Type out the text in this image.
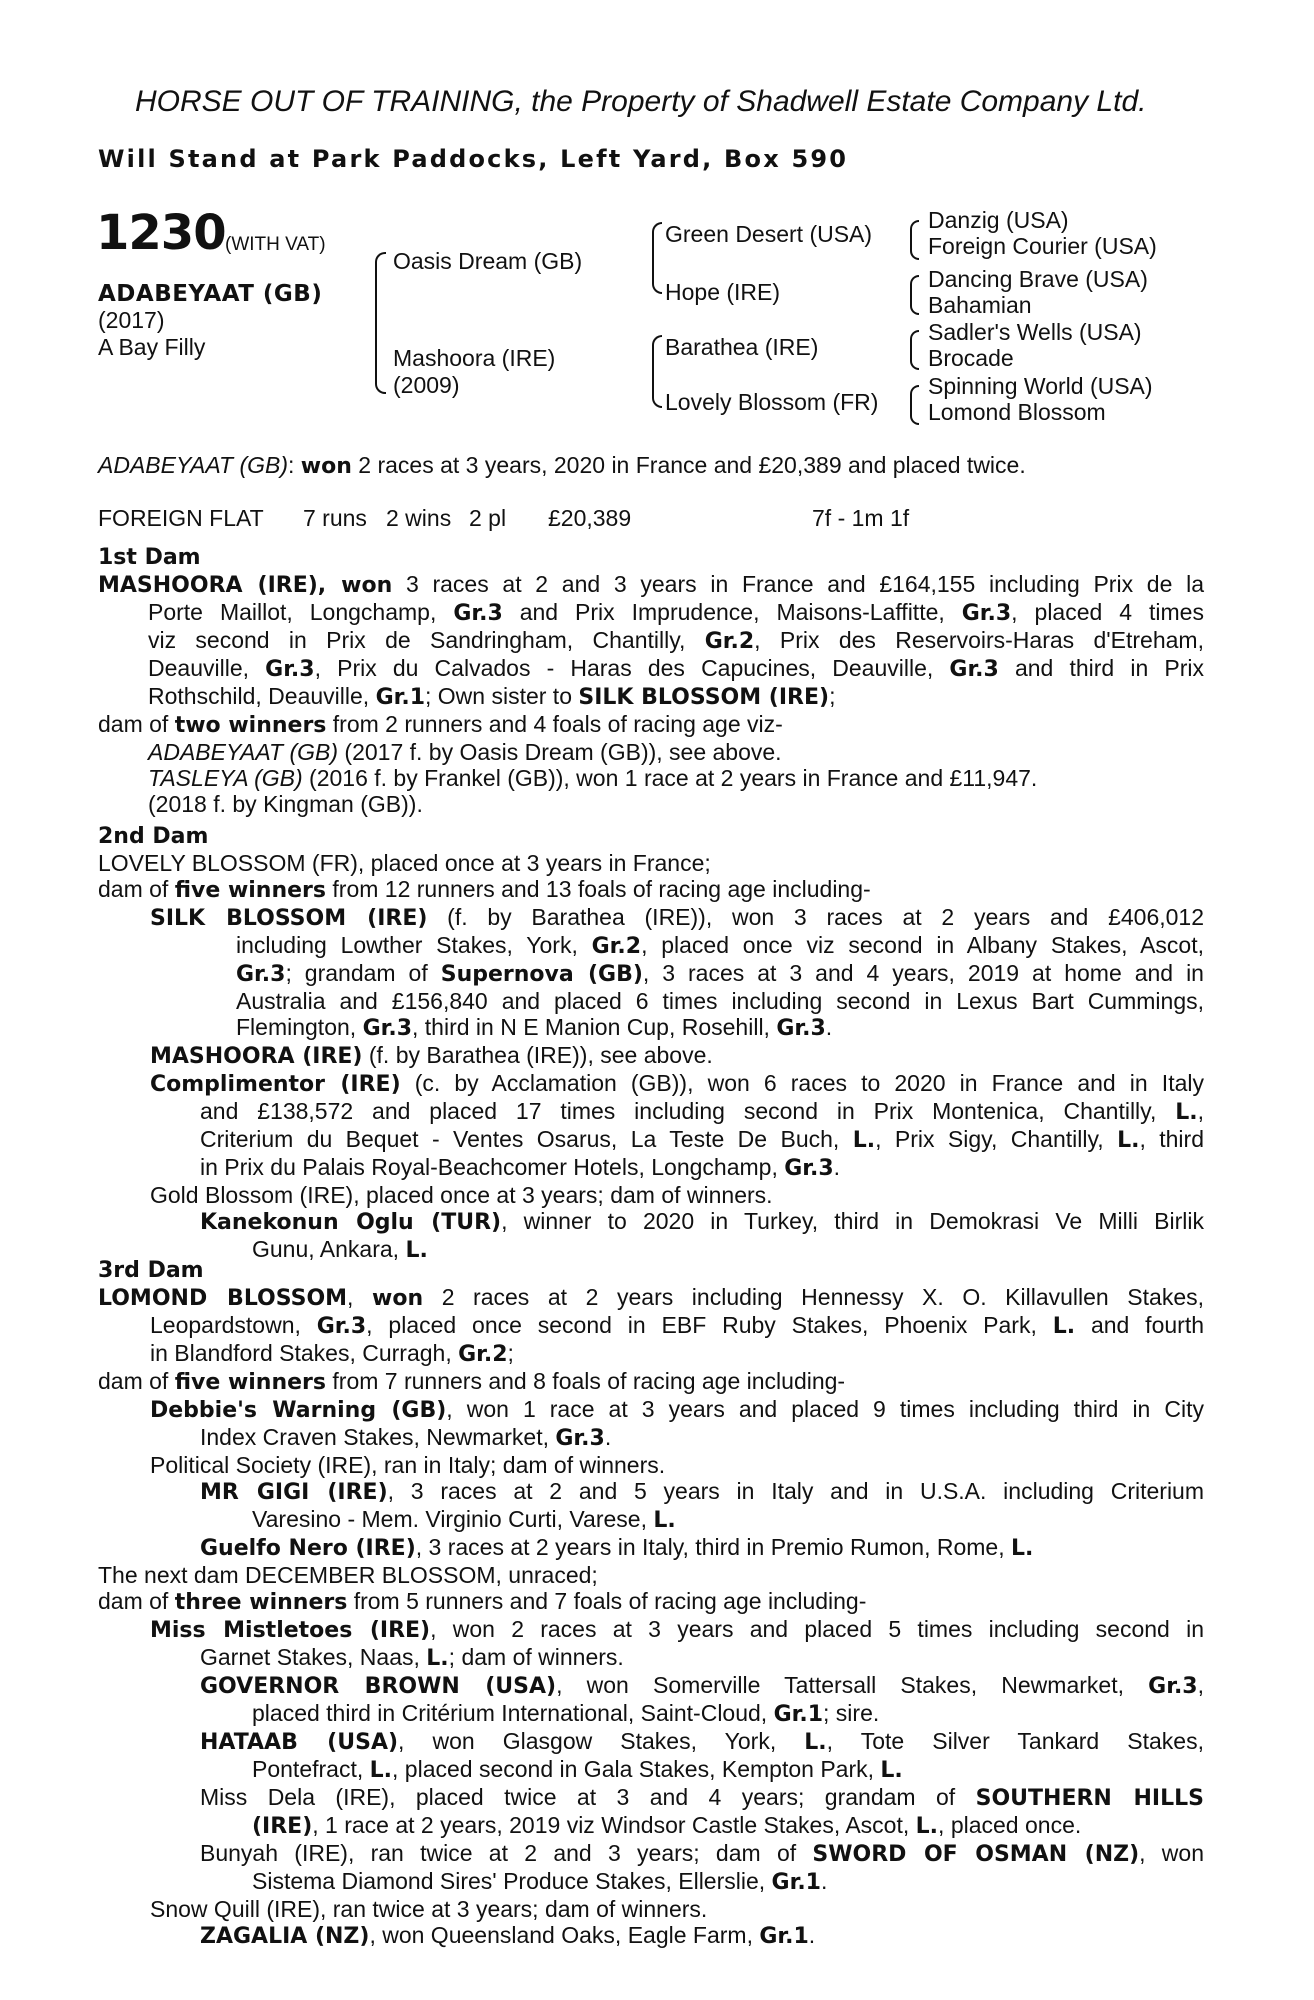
HORSE OUT OF TRAINING, the Property of Shadwell Estate Company Ltd.
Will Stand at Park Paddocks, Left Yard, Box 590
1230 (WITH VAT)
ADABEYAAT (GB)
(2017)
A Bay Filly
Oasis Dream (GB)
Mashoora (IRE)
(2009)
Green Desert (USA)
Hope (IRE)
Barathea (IRE)
Lovely Blossom (FR)
Danzig (USA)
Foreign Courier (USA)
Dancing Brave (USA)
Bahamian
Sadler's Wells (USA)
Brocade
Spinning World (USA)
Lomond Blossom
ADABEYAAT (GB): won 2 races at 3 years, 2020 in France and £20,389 and placed twice.
FOREIGN FLAT 7 runs 2 wins 2 pl £20,389	7f - 1m 1f
1st Dam
MASHOORA (IRE), won 3 races at 2 and 3 years in France and £164,155 including Prix de la
Porte Maillot, Longchamp, Gr.3 and Prix Imprudence, Maisons-Laffitte, Gr.3, placed 4 times
viz second in Prix de Sandringham, Chantilly, Gr.2, Prix des Reservoirs-Haras d'Etreham,
Deauville, Gr.3, Prix du Calvados - Haras des Capucines, Deauville, Gr.3 and third in Prix
Rothschild, Deauville, Gr.1; Own sister to SILK BLOSSOM (IRE);
dam of two winners from 2 runners and 4 foals of racing age viz-
ADABEYAAT (GB) (2017 f. by Oasis Dream (GB)), see above.
TASLEYA (GB) (2016 f. by Frankel (GB)), won 1 race at 2 years in France and £11,947.
(2018 f. by Kingman (GB)).
2nd Dam
LOVELY BLOSSOM (FR), placed once at 3 years in France;
dam of five winners from 12 runners and 13 foals of racing age including-
SILK BLOSSOM (IRE) (f. by Barathea (IRE)), won 3 races at 2 years and £406,012
including Lowther Stakes, York, Gr.2, placed once viz second in Albany Stakes, Ascot,
Gr.3; grandam of Supernova (GB), 3 races at 3 and 4 years, 2019 at home and in
Australia and £156,840 and placed 6 times including second in Lexus Bart Cummings,
Flemington, Gr.3, third in N E Manion Cup, Rosehill, Gr.3.
MASHOORA (IRE) (f. by Barathea (IRE)), see above.
Complimentor (IRE) (c. by Acclamation (GB)), won 6 races to 2020 in France and in Italy
and £138,572 and placed 17 times including second in Prix Montenica, Chantilly, L.,
Criterium du Bequet - Ventes Osarus, La Teste De Buch, L., Prix Sigy, Chantilly, L., third
in Prix du Palais Royal-Beachcomer Hotels, Longchamp, Gr.3.
Gold Blossom (IRE), placed once at 3 years; dam of winners.
Kanekonun Oglu (TUR), winner to 2020 in Turkey, third in Demokrasi Ve Milli Birlik
Gunu, Ankara, L.
3rd Dam
LOMOND BLOSSOM, won 2 races at 2 years including Hennessy X. O. Killavullen Stakes,
Leopardstown, Gr.3, placed once second in EBF Ruby Stakes, Phoenix Park, L. and fourth
in Blandford Stakes, Curragh, Gr.2;
dam of five winners from 7 runners and 8 foals of racing age including-
Debbie's Warning (GB), won 1 race at 3 years and placed 9 times including third in City
Index Craven Stakes, Newmarket, Gr.3.
Political Society (IRE), ran in Italy; dam of winners.
MR GIGI (IRE), 3 races at 2 and 5 years in Italy and in U.S.A. including Criterium
Varesino - Mem. Virginio Curti, Varese, L.
Guelfo Nero (IRE), 3 races at 2 years in Italy, third in Premio Rumon, Rome, L.
The next dam DECEMBER BLOSSOM, unraced;
dam of three winners from 5 runners and 7 foals of racing age including-
Miss Mistletoes (IRE), won 2 races at 3 years and placed 5 times including second in
Garnet Stakes, Naas, L.; dam of winners.
GOVERNOR BROWN (USA), won Somerville Tattersall Stakes, Newmarket, Gr.3,
placed third in Critérium International, Saint-Cloud, Gr.1; sire.
HATAAB (USA), won Glasgow Stakes, York, L., Tote Silver Tankard Stakes,
Pontefract, L., placed second in Gala Stakes, Kempton Park, L.
Miss Dela (IRE), placed twice at 3 and 4 years; grandam of SOUTHERN HILLS
(IRE), 1 race at 2 years, 2019 viz Windsor Castle Stakes, Ascot, L., placed once.
Bunyah (IRE), ran twice at 2 and 3 years; dam of SWORD OF OSMAN (NZ), won
Sistema Diamond Sires' Produce Stakes, Ellerslie, Gr.1.
Snow Quill (IRE), ran twice at 3 years; dam of winners.
ZAGALIA (NZ), won Queensland Oaks, Eagle Farm, Gr.1.
